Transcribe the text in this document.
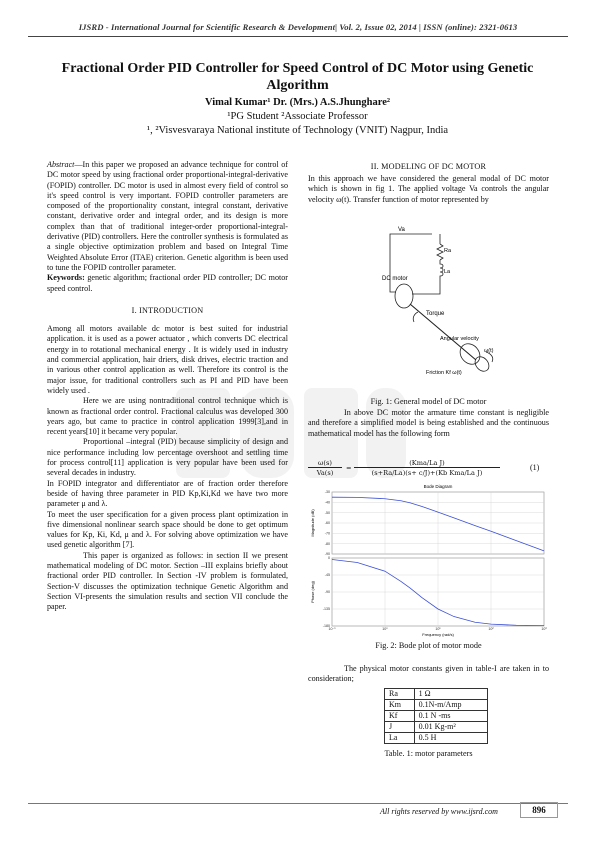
IJSRD - International Journal for Scientific Research & Development| Vol. 2, Issue 02, 2014 | ISSN (online): 2321-0613
Fractional Order PID Controller for Speed Control of DC Motor using Genetic Algorithm
Vimal Kumar¹ Dr. (Mrs.) A.S.Jhunghare²
¹PG Student ²Associate Professor
¹, ²Visvesvaraya National institute of Technology (VNIT) Nagpur, India

Abstract—In this paper we proposed an advance technique for control of DC motor speed by using fractional order proportional-integral-derivative (FOPID) controller. DC motor is used in almost every field of control so it's speed control is very important. FOPID controller parameters are composed of the proportionality constant, integral constant, derivative constant, derivative order and integral order, and its design is more complex than that of traditional integer-order proportional-integral-derivative (PID) controllers. Here the controller synthesis is formulated as a single objective optimization problem and based on Integral Time Weighted Absolute Error (ITAE) criterion. Genetic algorithm is been used to tune the FOPID controller parameter.

Keywords: genetic algorithm; fractional order PID controller; DC motor speed control.

I. INTRODUCTION

Among all motors available dc motor is best suited for industrial application. it is used as a power actuator , which converts DC electrical energy in to rotational mechanical energy . It is widely used in industry and commercial application, hair driers, disk drives, electric traction and in various other control application as well. Therefore its control is the major issue, for traditional controllers such as PI and PID have been widely used .

Here we are using nontraditional control technique which is known as fractional order control. Fractional calculus was developed 300 years ago, but came to practice in control application 1999[3],and in recent years[10] it became very popular.

Proportional –integral (PID) because simplicity of design and nice performance including low percentage overshoot and settling time for process control[11] application is very popular have been used for several decades in industry.

In FOPID integrator and differentiator are of fraction order therefore beside of having three parameter in PID Kp,Ki,Kd we have two more parameter μ and λ.

To meet the user specification for a given process plant optimization in five dimensional nonlinear search space should be done to get optimum values for Kp, Ki, Kd, μ and λ. For solving above optimization we have used genetic algorithm [7].

This paper is organized as follows: in section II we present mathematical modeling of DC motor. Section –III explains briefly about fractional order PID controller. In Section -IV problem is formulated, Section-V discusses the optimization technique Genetic Algorithm and Section VI-presents the simulation results and section VII conclude the paper.

II. MODELING OF DC MOTOR
In this approach we have considered the general modal of DC motor which is shown in fig 1. The applied voltage Va controls the angular velocity ω(t). Transfer function of motor represented by
Va
Ra
La
DC motor
Torque
Angular velocity
ω(t)
Friction Kf ω(t)
Fig. 1: General model of DC motor
In above DC motor the armature time constant is negligible and therefore a simplified model is being established and the continuous mathematical model has the following form
ω(s)
Va(s)
=
(Kma/La J)
(s+Ra/La)(s+ c/J)+(Kb Kma/La J)
(1)
Bode Diagram
10⁻¹	10⁰	10¹	10²	10³
-30
-40
-50
-60
-70
-80
-90
0
-45
-90
-135
-180
Magnitude (dB)
Phase (deg)
Frequency (rad/s)
Fig. 2: Bode plot of motor mode
The physical motor constants given in table-I are taken in to consideration;
Ra	1 Ω
Km	0.1N-m/Amp
Kf	0.1 N -ms
J	0.01 Kg-m²
La	0.5 H
Table. 1: motor parameters
All rights reserved by www.ijsrd.com	896
